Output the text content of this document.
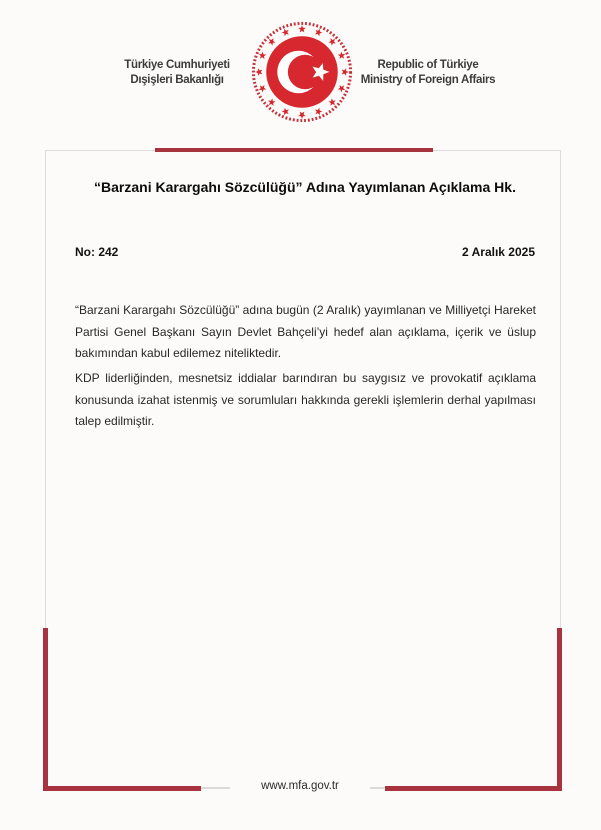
Türkiye Cumhuriyeti
Dışişleri Bakanlığı
Republic of Türkiye
Ministry of Foreign Affairs
“Barzani Karargahı Sözcülüğü” Adına Yayımlanan Açıklama Hk.
No: 242	2 Aralık 2025
“Barzani Karargahı Sözcülüğü” adına bugün (2 Aralık) yayımlanan ve Milliyetçi Hareket Partisi Genel Başkanı Sayın Devlet Bahçeli’yi hedef alan açıklama, içerik ve üslup bakımından kabul edilemez niteliktedir.
KDP liderliğinden, mesnetsiz iddialar barındıran bu saygısız ve provokatif açıklama konusunda izahat istenmiş ve sorumluları hakkında gerekli işlemlerin derhal yapılması talep edilmiştir.
www.mfa.gov.tr
